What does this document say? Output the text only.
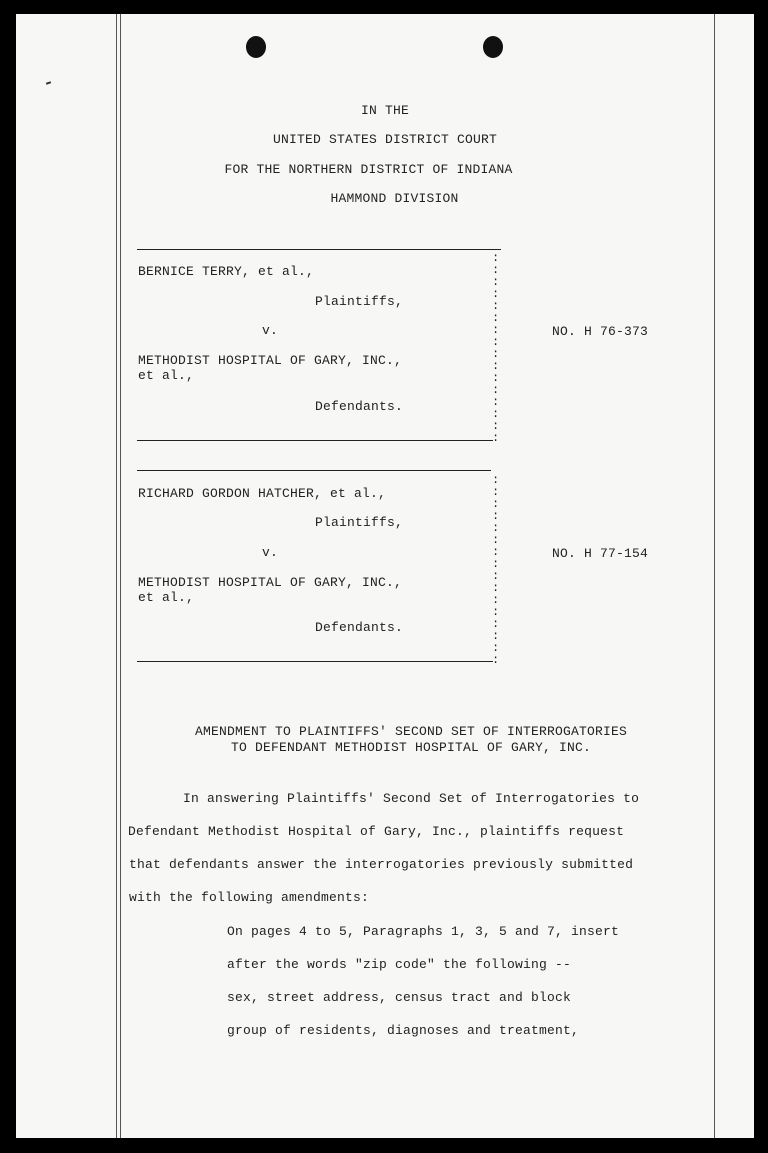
IN THE
UNITED STATES DISTRICT COURT
FOR THE NORTHERN DISTRICT OF INDIANA
HAMMOND DIVISION
:
:
:
:
:
:
:
:
:
:
:
:
:
:
:
:
BERNICE TERRY, et al.,
Plaintiffs,
v.	NO. H 76-373
METHODIST HOSPITAL OF GARY, INC.,
et al.,
Defendants.
:
:
:
:
:
:
:
:
:
:
:
:
:
:
:
:
RICHARD GORDON HATCHER, et al.,
Plaintiffs,
v.	NO. H 77-154
METHODIST HOSPITAL OF GARY, INC.,
et al.,
Defendants.
AMENDMENT TO PLAINTIFFS' SECOND SET OF INTERROGATORIES
TO DEFENDANT METHODIST HOSPITAL OF GARY, INC.
In answering Plaintiffs' Second Set of Interrogatories to
Defendant Methodist Hospital of Gary, Inc., plaintiffs request
that defendants answer the interrogatories previously submitted
with the following amendments:
On pages 4 to 5, Paragraphs 1, 3, 5 and 7, insert
after the words "zip code" the following --
sex, street address, census tract and block
group of residents, diagnoses and treatment,
